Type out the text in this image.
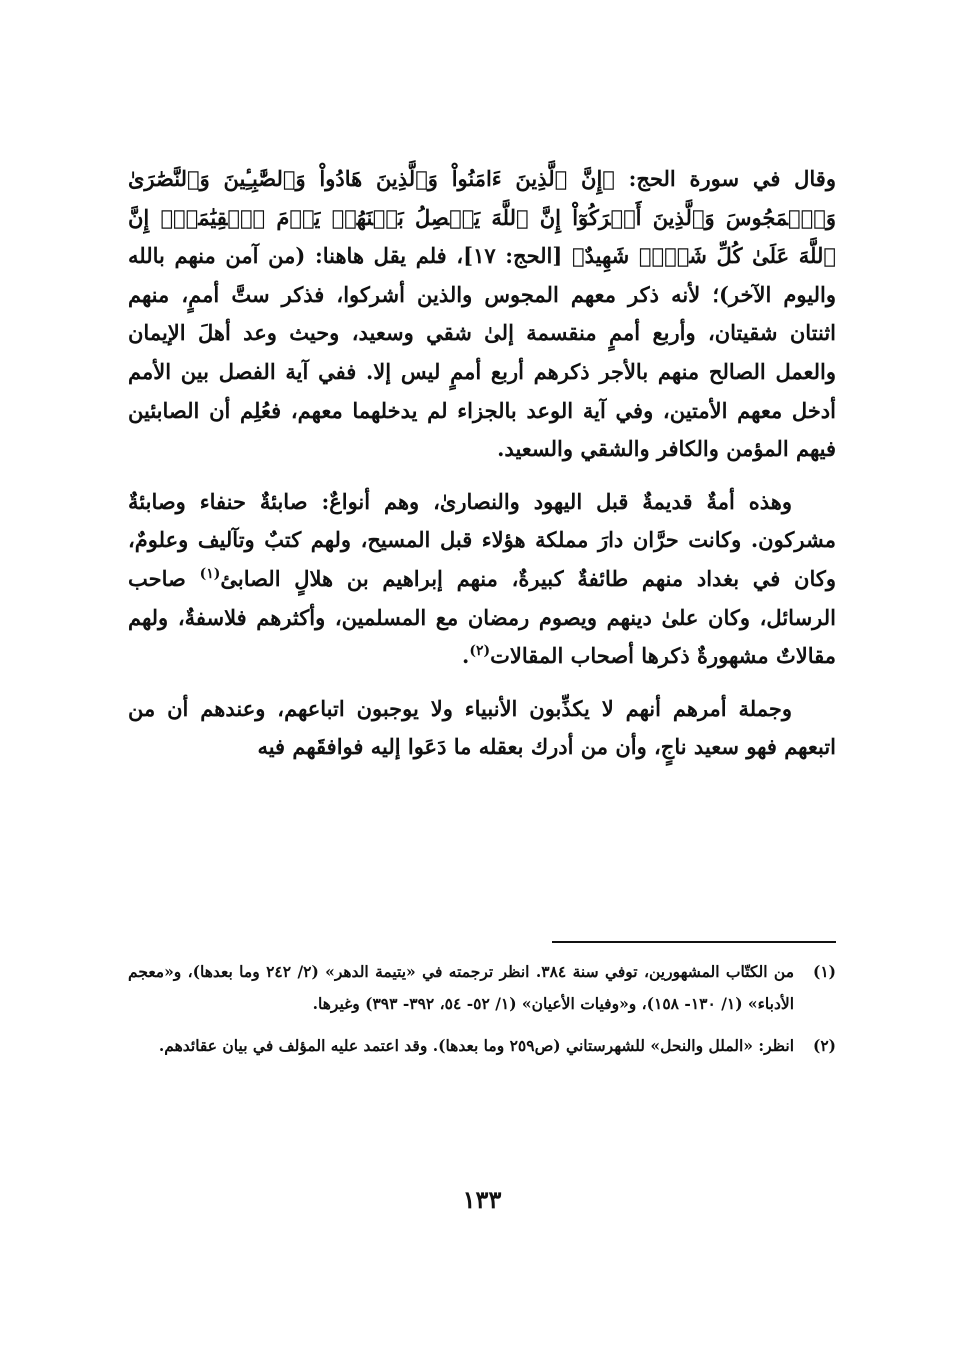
وقال في سورة الحج: ﴿إِنَّ ٱلَّذِينَ ءَامَنُواْ وَٱلَّذِينَ هَادُواْ وَٱلصَّٰبِـِٔينَ وَٱلنَّصَٰرَىٰ وَٱلۡمَجُوسَ وَٱلَّذِينَ أَشۡرَكُوٓاْ إِنَّ ٱللَّهَ يَفۡصِلُ بَيۡنَهُمۡ يَوۡمَ ٱلۡقِيَٰمَةِۚ إِنَّ ٱللَّهَ عَلَىٰ كُلِّ شَيۡءٖ شَهِيدٌ﴾ [الحج: ١٧]، فلم يقل هاهنا: (من آمن منهم بالله واليوم الآخر)؛ لأنه ذكر معهم المجوس والذين أشركوا، فذكر ستَّ أممٍ، منهم اثنتان شقيتان، وأربع أممٍ منقسمة إلىٰ شقي وسعيد، وحيث وعد أهلَ الإيمان والعمل الصالح منهم بالأجر ذكرهم أربع أممٍ ليس إلا. ففي آية الفصل بين الأمم أدخل معهم الأمتين، وفي آية الوعد بالجزاء لم يدخلهما معهم، فعُلِم أن الصابئين فيهم المؤمن والكافر والشقي والسعيد.

وهذه أمةٌ قديمةٌ قبل اليهود والنصارىٰ، وهم أنواعٌ: صابئةٌ حنفاء وصابئةٌ مشركون. وكانت حرَّان دارَ مملكة هؤلاء قبل المسيح، ولهم كتبٌ وتآليف وعلومٌ، وكان في بغداد منهم طائفةٌ كبيرةٌ، منهم إبراهيم بن هلالٍ الصابئ$^{(١)}$ صاحب الرسائل، وكان علىٰ دينهم ويصوم رمضان مع المسلمين، وأكثرهم فلاسفةٌ، ولهم مقالاتٌ مشهورةٌ ذكرها أصحاب المقالات$^{(٢)}$.

وجملة أمرهم أنهم لا يكذِّبون الأنبياء ولا يوجبون اتباعهم، وعندهم أن من اتبعهم فهو سعيد ناجٍ، وأن من أدرك بعقله ما دَعَوا إليه فوافقَهم فيه

(١)
من الكتّاب المشهورين، توفي سنة ٣٨٤. انظر ترجمته في «يتيمة الدهر» (٢/ ٢٤٢ وما بعدها)، و«معجم الأدباء» (١/ ١٣٠- ١٥٨)، و«وفيات الأعيان» (١/ ٥٢- ٥٤، ٣٩٢- ٣٩٣) وغيرها.
(٢)
انظر: «الملل والنحل» للشهرستاني (ص٢٥٩ وما بعدها). وقد اعتمد عليه المؤلف في بيان عقائدهم.
١٣٣
